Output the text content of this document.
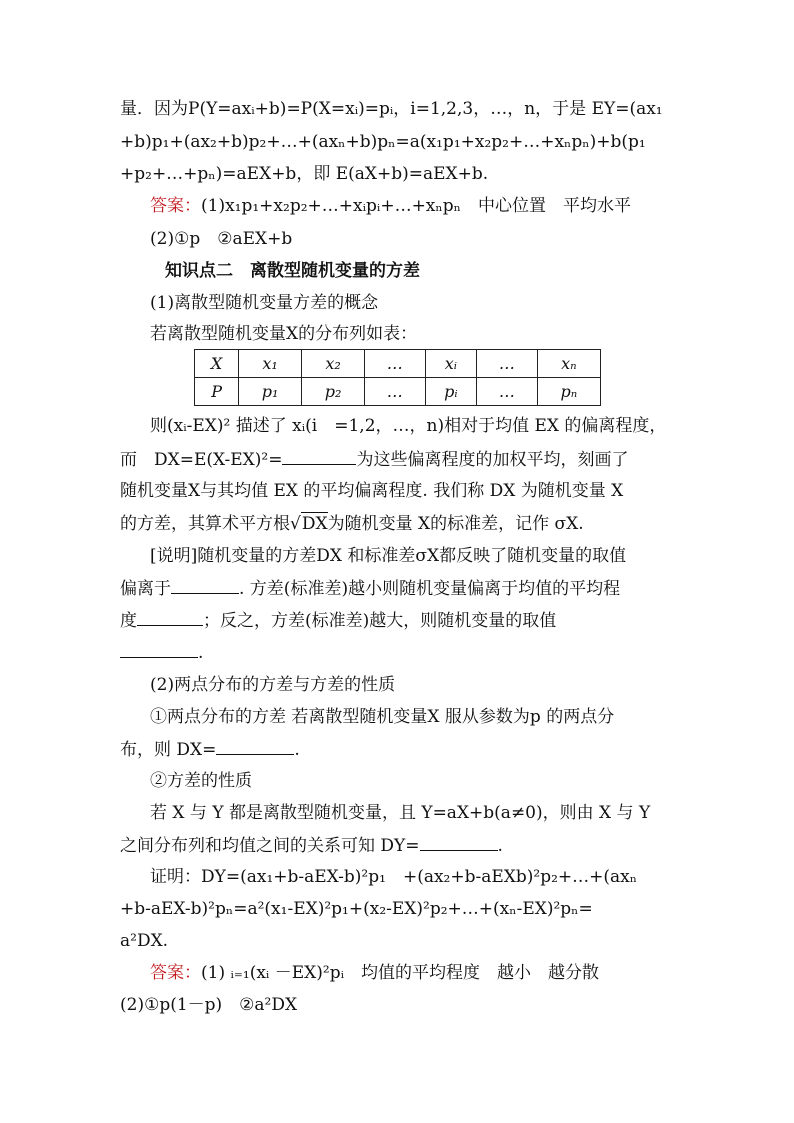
量．因为P(Y=axᵢ+b)=P(X=xᵢ)=pᵢ，i=1,2,3，…，n，于是 EY=(ax₁
+b)p₁+(ax₂+b)p₂+…+(axₙ+b)pₙ=a(x₁p₁+x₂p₂+…+xₙpₙ)+b(p₁
+p₂+…+pₙ)=aEX+b，即 E(aX+b)=aEX+b.
答案：(1)x₁p₁+x₂p₂+…+xᵢpᵢ+…+xₙpₙ　中心位置　平均水平
(2)①p　②aEX+b
知识点二　离散型随机变量的方差
(1)离散型随机变量方差的概念
若离散型随机变量X的分布列如表：
X	x₁	x₂	…	xᵢ	…	xₙ
P	p₁	p₂	…	pᵢ	…	pₙ
则(xᵢ-EX)² 描述了 xᵢ(i　=1,2，…，n)相对于均值 EX 的偏离程度，
而　DX=E(X-EX)²=	为这些偏离程度的加权平均，刻画了
随机变量X与其均值 EX 的平均偏离程度. 我们称 DX 为随机变量 X
的方差，其算术平方根√DX为随机变量 X的标准差，记作 σX.
[说明]随机变量的方差DX 和标准差σX都反映了随机变量的取值
偏离于	. 方差(标准差)越小则随机变量偏离于均值的平均程
度	；反之，方差(标准差)越大，则随机变量的取值
.
(2)两点分布的方差与方差的性质
①两点分布的方差 若离散型随机变量X 服从参数为p 的两点分
布，则 DX=	.
②方差的性质
若 X 与 Y 都是离散型随机变量，且 Y=aX+b(a≠0)，则由 X 与 Y
之间分布列和均值之间的关系可知 DY=	.
证明：DY=(ax₁+b-aEX-b)²p₁　+(ax₂+b-aEXb)²p₂+…+(axₙ
+b-aEX-b)²pₙ=a²(x₁-EX)²p₁+(x₂-EX)²p₂+…+(xₙ-EX)²pₙ=
a²DX.
答案：(1) ᵢ₌₁(xᵢ －EX)²pᵢ　均值的平均程度　越小　越分散
(2)①p(1－p)　②a²DX
